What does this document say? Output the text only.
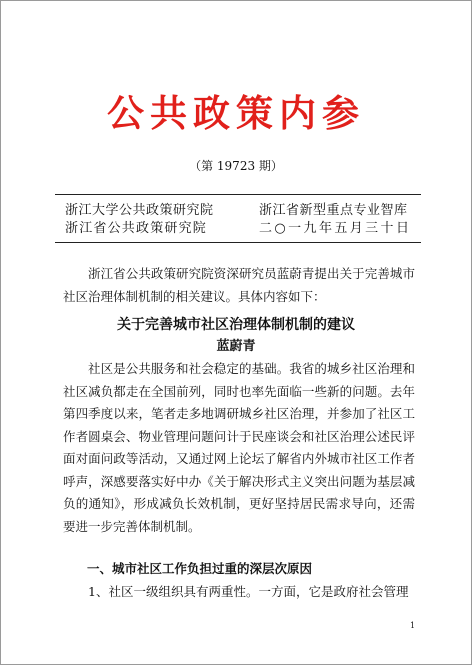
公共政策内参
（第 19723 期）
浙江大学公共政策研究院
浙江省公共政策研究院
浙江省新型重点专业智库
二○一九年五月三十日

浙江省公共政策研究院资深研究员蓝蔚青提出关于完善城市社区治理体制机制的相关建议。具体内容如下：

关于完善城市社区治理体制机制的建议
蓝蔚青

社区是公共服务和社会稳定的基础。我省的城乡社区治理和社区减负都走在全国前列，同时也率先面临一些新的问题。去年第四季度以来，笔者走多地调研城乡社区治理，并参加了社区工作者圆桌会、物业管理问题问计于民座谈会和社区治理公述民评面对面问政等活动，又通过网上论坛了解省内外城市社区工作者呼声，深感要落实好中办《关于解决形式主义突出问题为基层减负的通知》，形成减负长效机制，更好坚持居民需求导向，还需要进一步完善体制机制。

一、城市社区工作负担过重的深层次原因

1、社区一级组织具有两重性。一方面，它是政府社会管理

1
